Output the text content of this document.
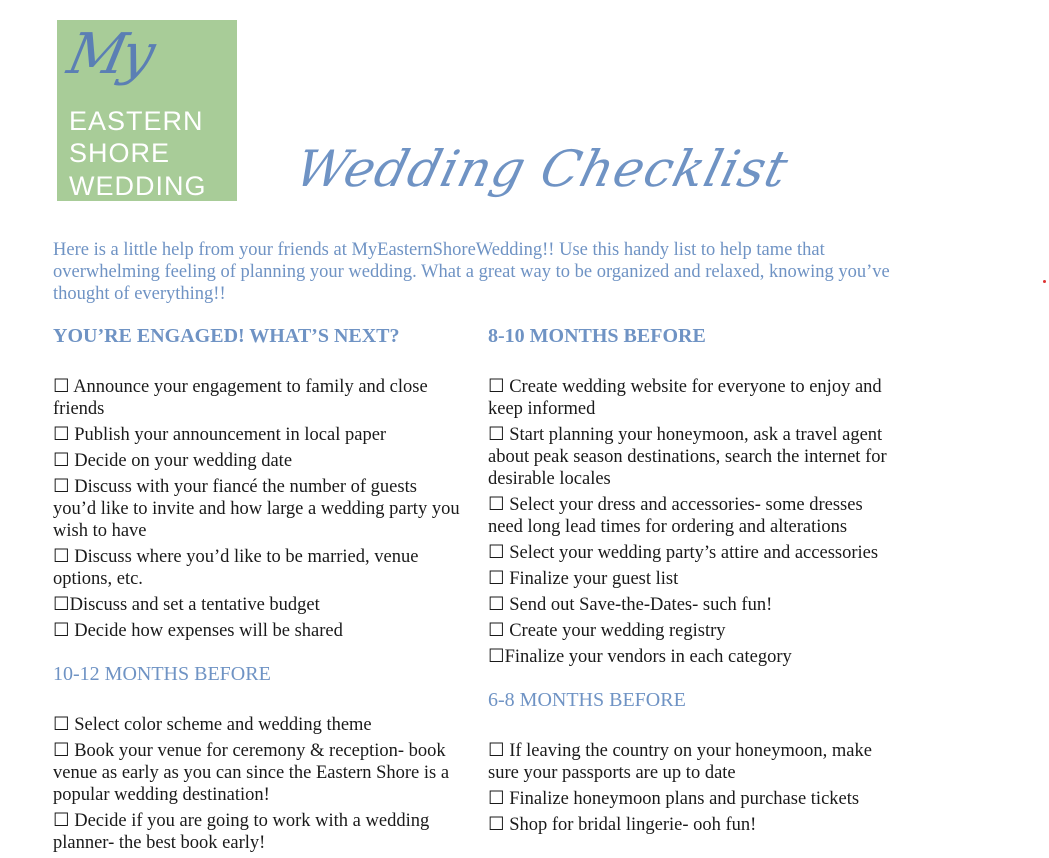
My
EASTERN
SHORE
WEDDING Wedding Checklist
Here is a little help from your friends at MyEasternShoreWedding!! Use this handy list to help tame that overwhelming feeling of planning your wedding. What a great way to be organized and relaxed, knowing you’ve thought of everything!!
YOU’RE ENGAGED! WHAT’S NEXT?
☐ Announce your engagement to family and close friends
☐ Publish your announcement in local paper
☐ Decide on your wedding date
☐ Discuss with your fiancé the number of guests you’d like to invite and how large a wedding party you wish to have
☐ Discuss where you’d like to be married, venue options, etc.
☐Discuss and set a tentative budget
☐ Decide how expenses will be shared
10-12 MONTHS BEFORE
☐ Select color scheme and wedding theme
☐ Book your venue for ceremony & reception- book venue as early as you can since the Eastern Shore is a popular wedding destination!
☐ Decide if you are going to work with a wedding planner- the best book early!
8-10 MONTHS BEFORE
☐ Create wedding website for everyone to enjoy and keep informed
☐ Start planning your honeymoon, ask a travel agent about peak season destinations, search the internet for desirable locales
☐ Select your dress and accessories- some dresses need long lead times for ordering and alterations
☐ Select your wedding party’s attire and accessories
☐ Finalize your guest list
☐ Send out Save-the-Dates- such fun!
☐ Create your wedding registry
☐Finalize your vendors in each category
6-8 MONTHS BEFORE
☐ If leaving the country on your honeymoon, make sure your passports are up to date
☐ Finalize honeymoon plans and purchase tickets
☐ Shop for bridal lingerie- ooh fun!
